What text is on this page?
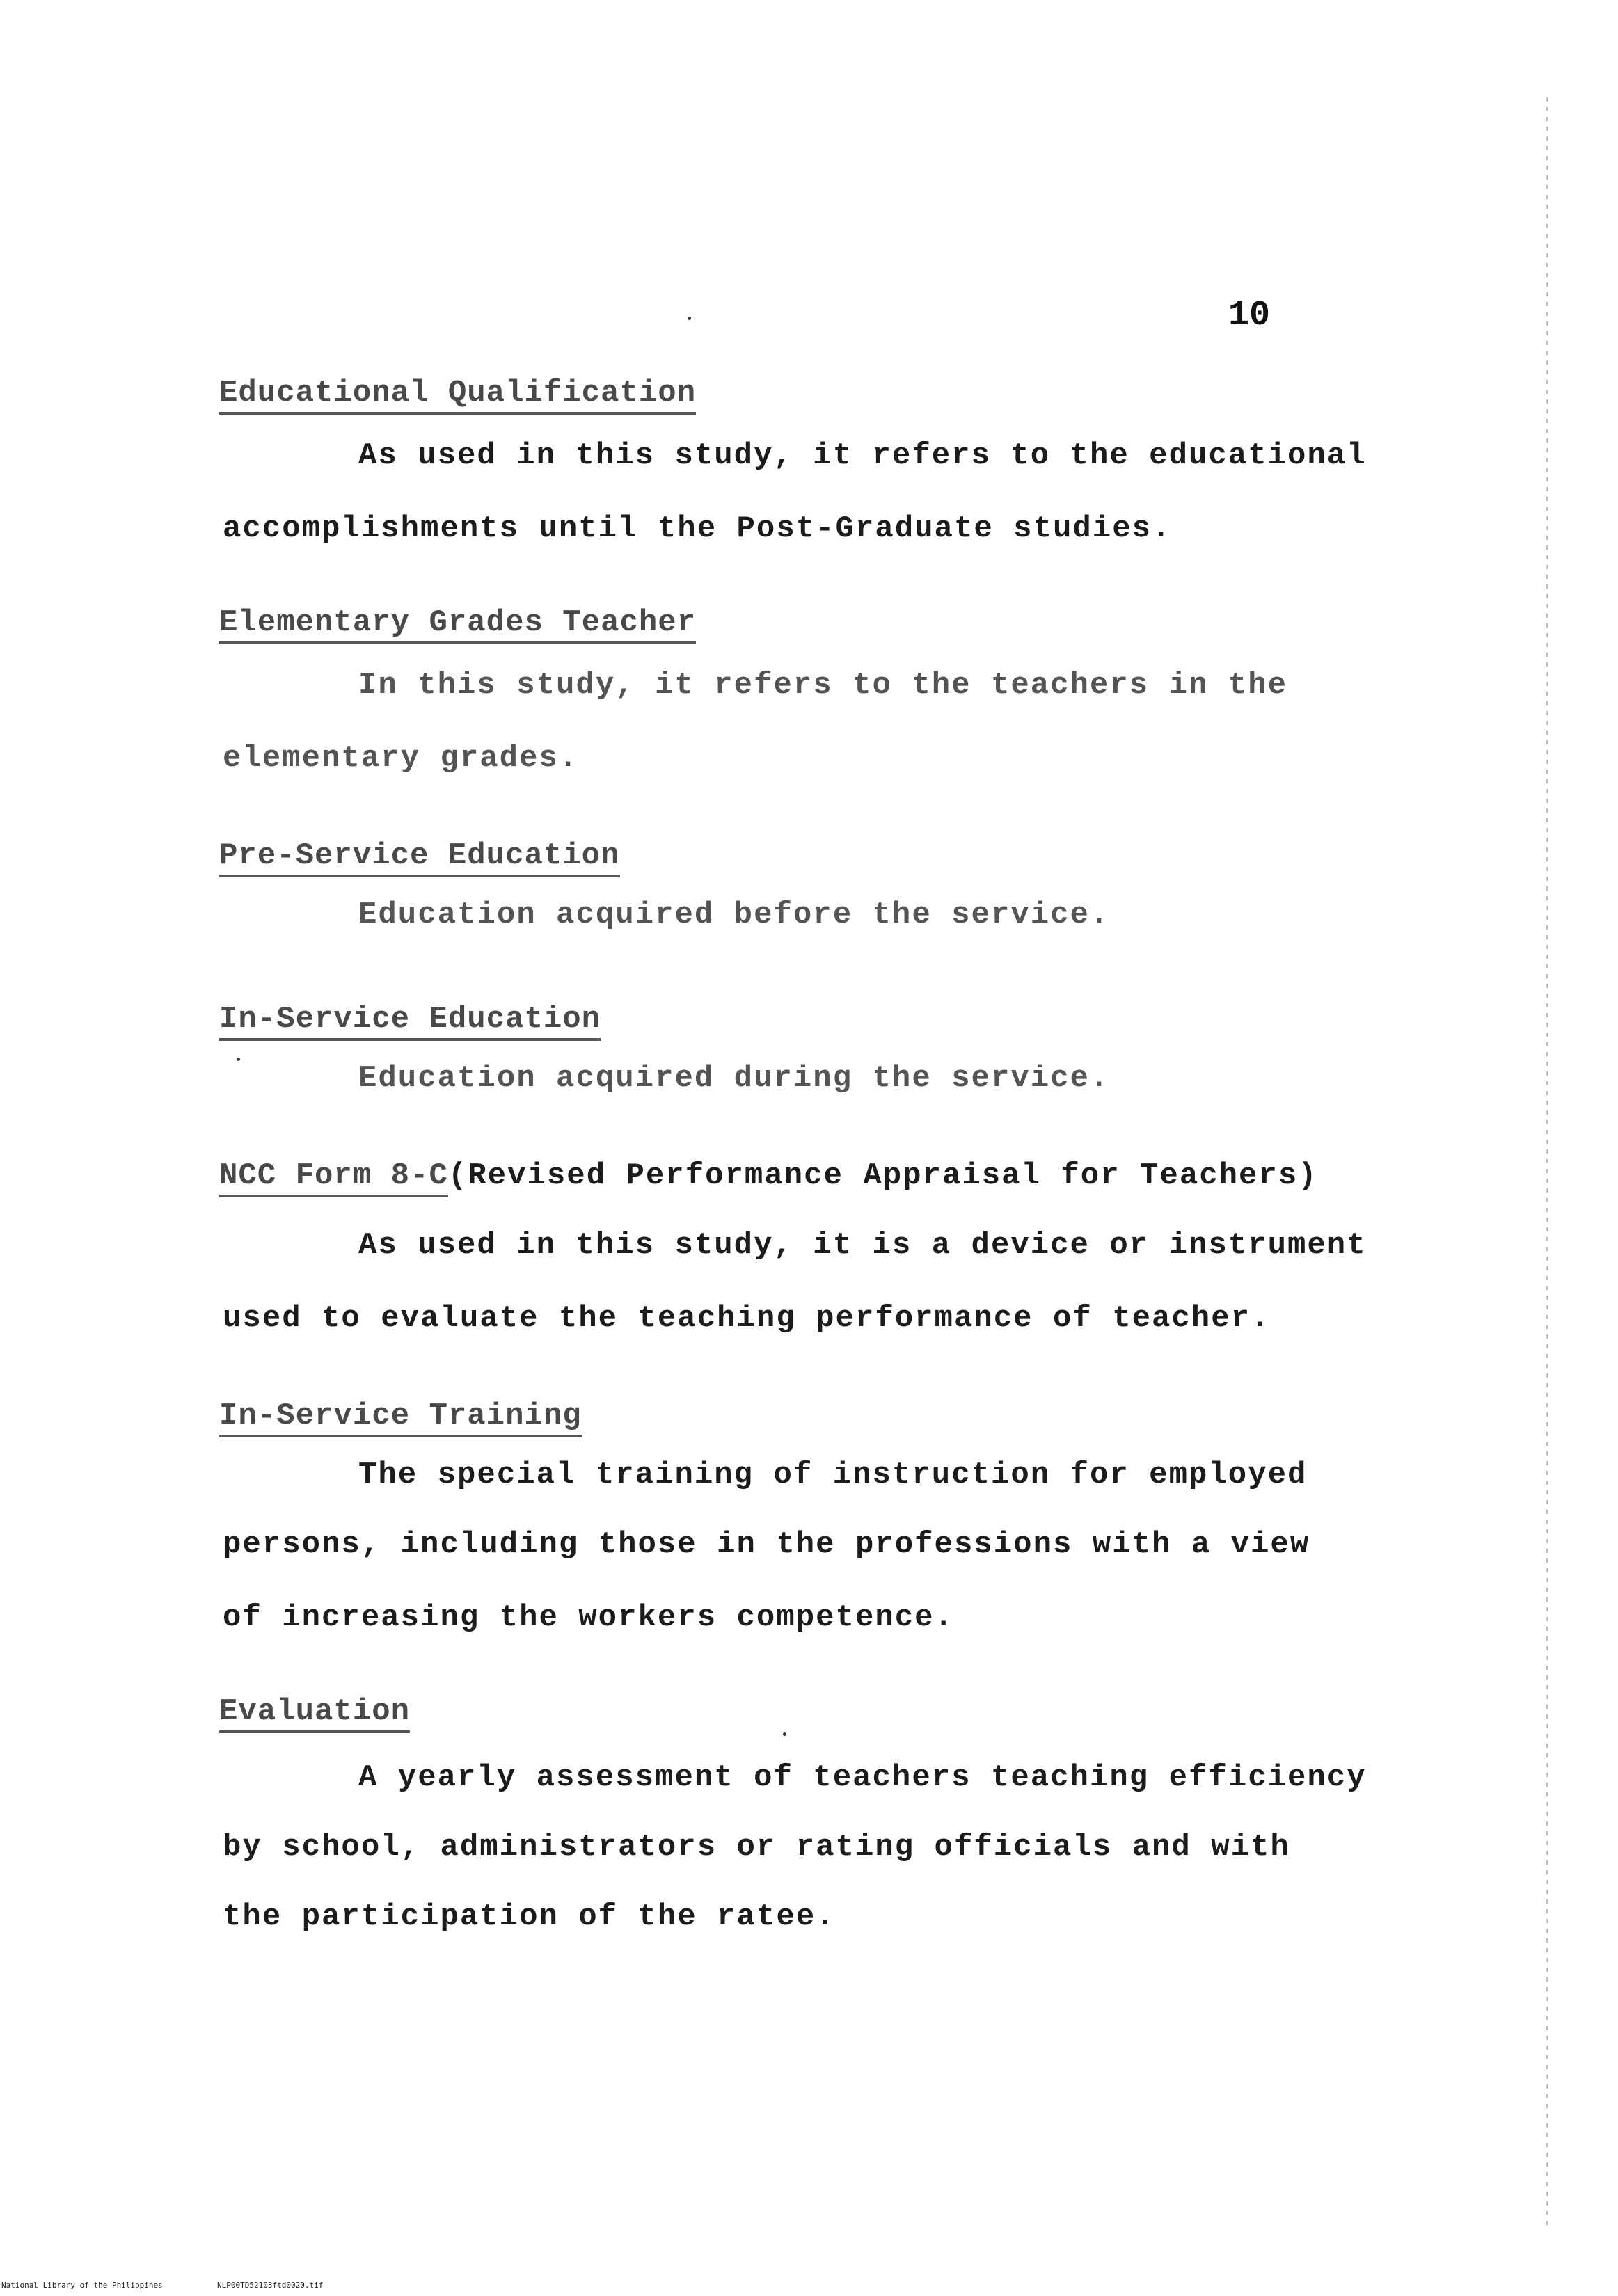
10
Educational Qualification
As used in this study, it refers to the educational
accomplishments until the Post-Graduate studies.
Elementary Grades Teacher
In this study, it refers to the teachers in the
elementary grades.
Pre-Service Education
Education acquired before the service.
In-Service Education
Education acquired during the service.
NCC Form 8-C(Revised Performance Appraisal for Teachers)
As used in this study, it is a device or instrument
used to evaluate the teaching performance of teacher.
In-Service Training
The special training of instruction for employed
persons, including those in the professions with a view
of increasing the workers competence.
Evaluation
A yearly assessment of teachers teaching efficiency
by school, administrators or rating officials and with
the participation of the ratee.
National Library of the Philippines	NLP00TD52103ftd0020.tif
